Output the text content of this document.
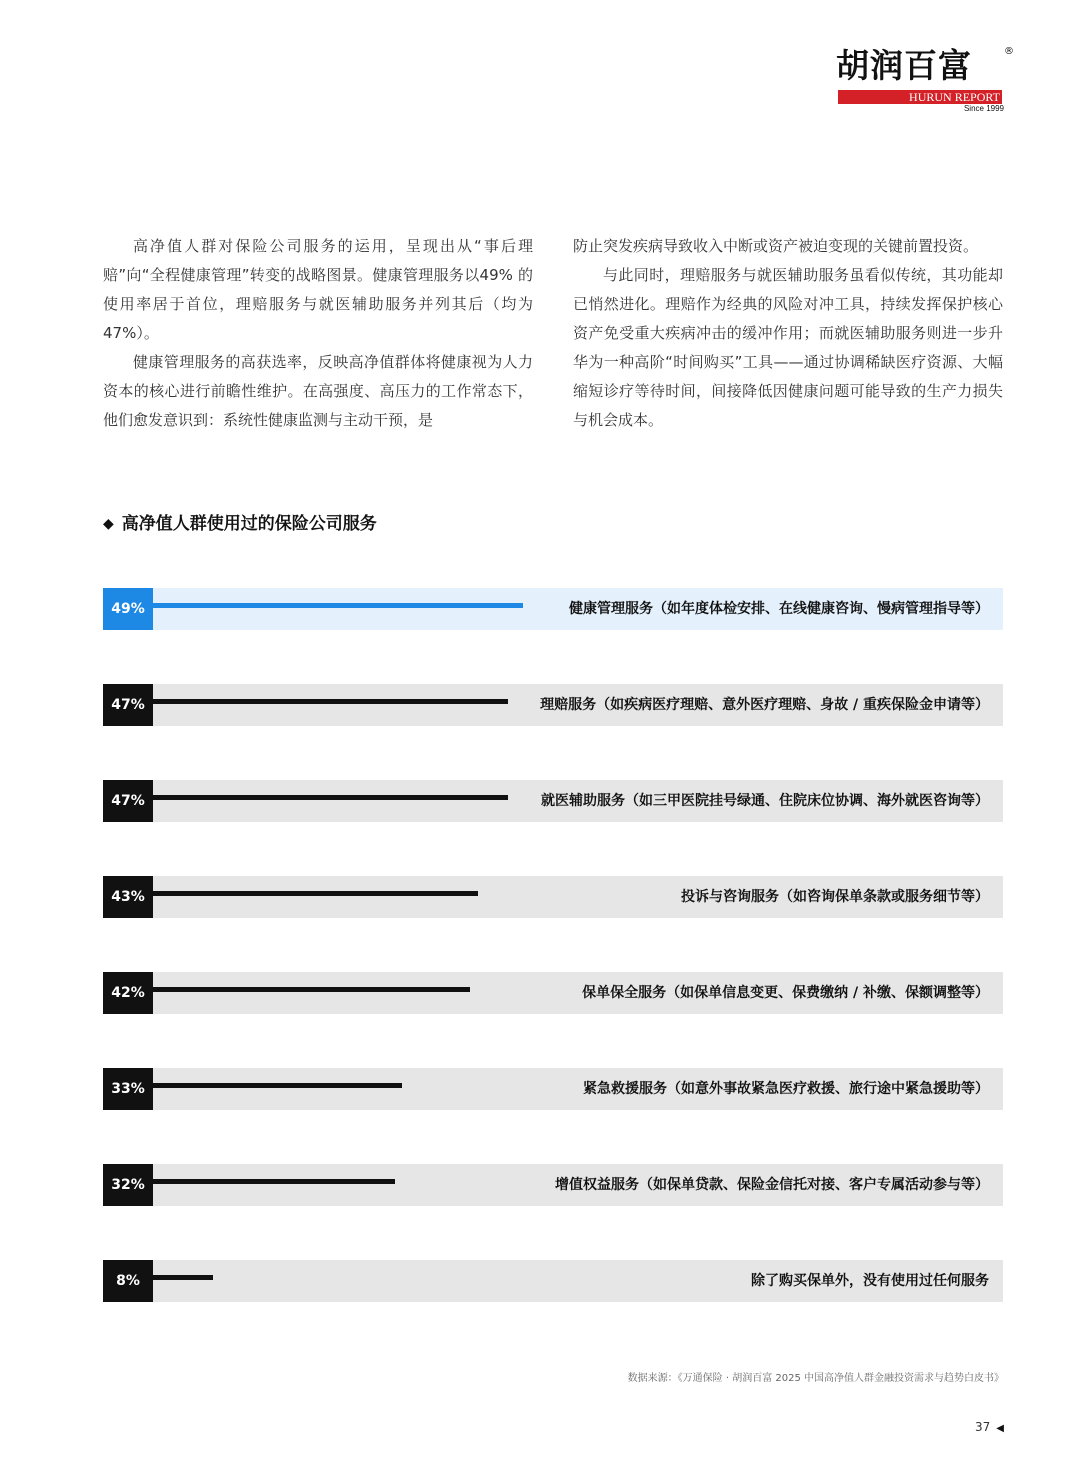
胡润百富	®
HURUN REPORT
Since 1999

高净值人群对保险公司服务的运用，呈现出从“事后理赔”向“全程健康管理”转变的战略图景。健康管理服务以49% 的使用率居于首位，理赔服务与就医辅助服务并列其后（均为 47%）。

健康管理服务的高获选率，反映高净值群体将健康视为人力资本的核心进行前瞻性维护。在高强度、高压力的工作常态下，他们愈发意识到：系统性健康监测与主动干预，是

防止突发疾病导致收入中断或资产被迫变现的关键前置投资。

与此同时，理赔服务与就医辅助服务虽看似传统，其功能却已悄然进化。理赔作为经典的风险对冲工具，持续发挥保护核心资产免受重大疾病冲击的缓冲作用；而就医辅助服务则进一步升华为一种高阶“时间购买”工具——通过协调稀缺医疗资源、大幅缩短诊疗等待时间，间接降低因健康问题可能导致的生产力损失与机会成本。

◆ 高净值人群使用过的保险公司服务
49%	健康管理服务（如年度体检安排、在线健康咨询、慢病管理指导等）
47%	理赔服务（如疾病医疗理赔、意外医疗理赔、身故 / 重疾保险金申请等）
47%	就医辅助服务（如三甲医院挂号绿通、住院床位协调、海外就医咨询等）
43%	投诉与咨询服务（如咨询保单条款或服务细节等）
42%	保单保全服务（如保单信息变更、保费缴纳 / 补缴、保额调整等）
33%	紧急救援服务（如意外事故紧急医疗救援、旅行途中紧急援助等）
32%	增值权益服务（如保单贷款、保险金信托对接、客户专属活动参与等）
8%	除了购买保单外，没有使用过任何服务
数据来源：《万通保险 · 胡润百富 2025 中国高净值人群金融投资需求与趋势白皮书》
37 ◀
